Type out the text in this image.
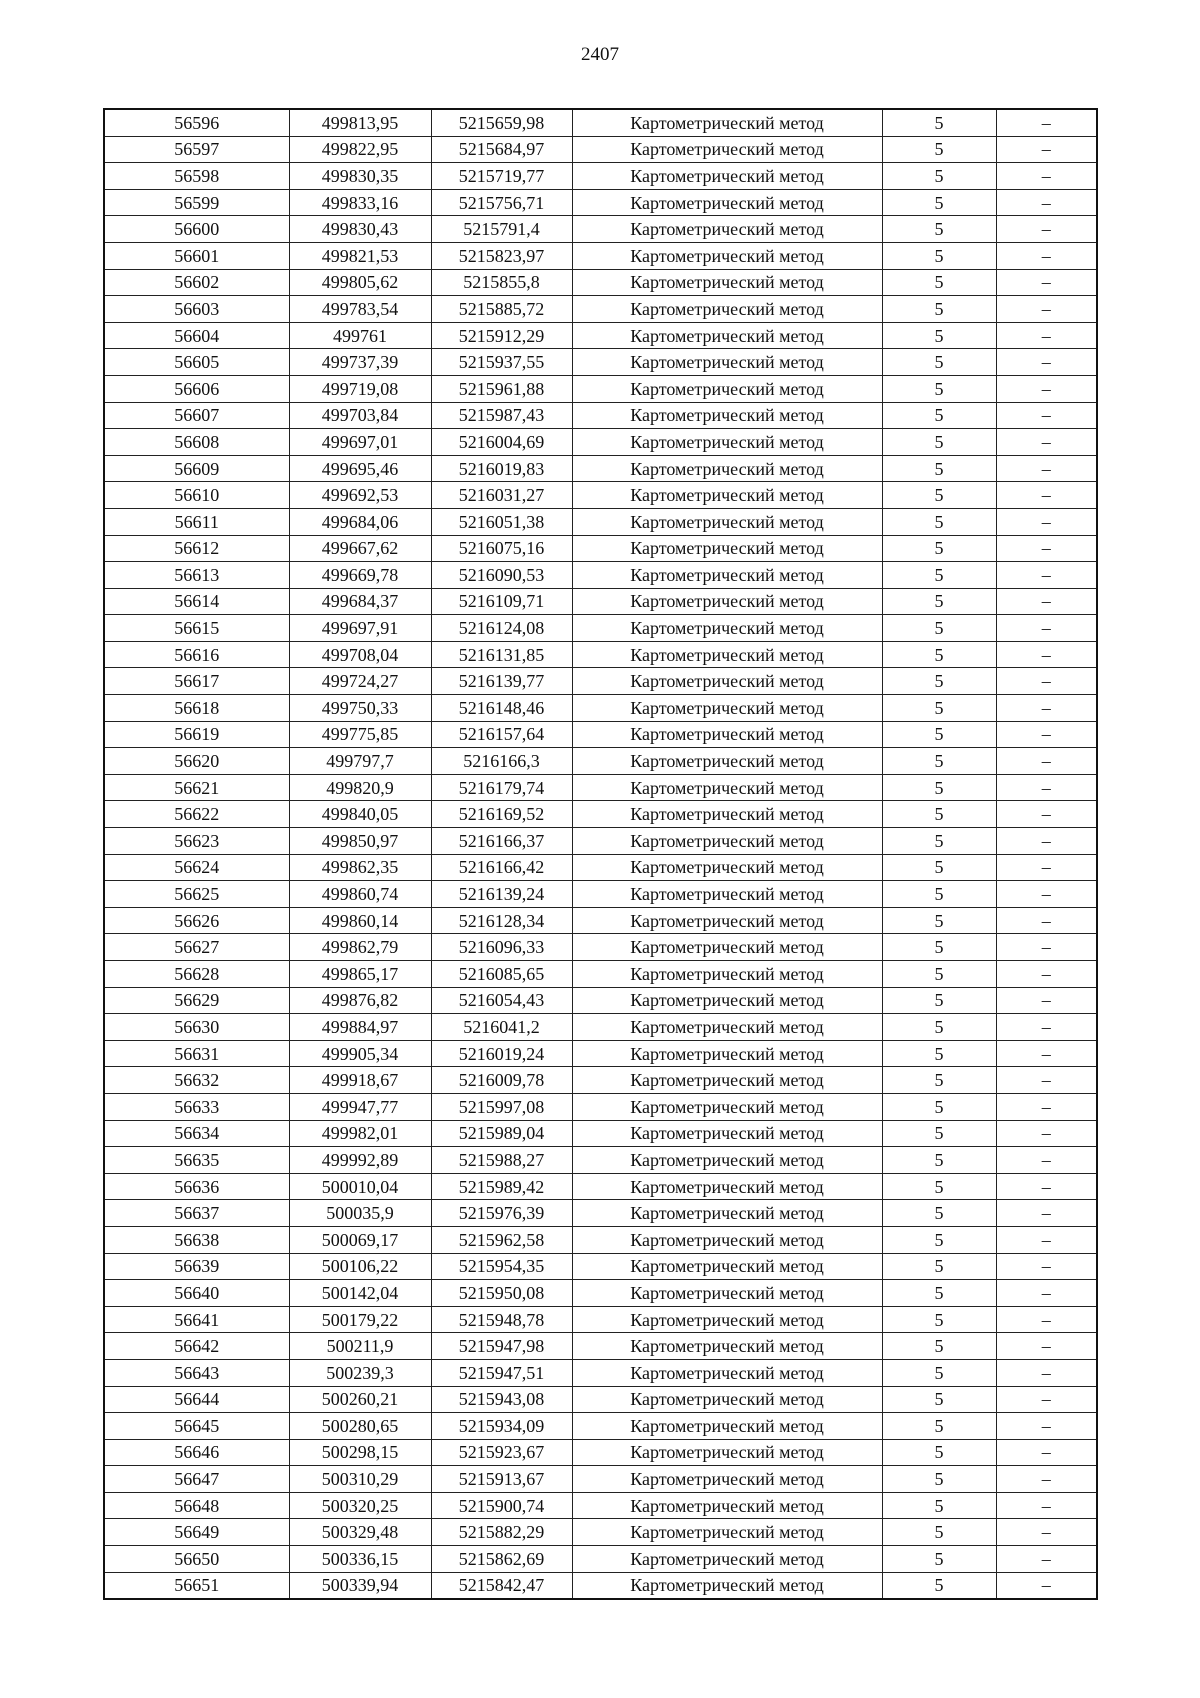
2407
56596	499813,95	5215659,98	Картометрический метод	5	–
56597	499822,95	5215684,97	Картометрический метод	5	–
56598	499830,35	5215719,77	Картометрический метод	5	–
56599	499833,16	5215756,71	Картометрический метод	5	–
56600	499830,43	5215791,4	Картометрический метод	5	–
56601	499821,53	5215823,97	Картометрический метод	5	–
56602	499805,62	5215855,8	Картометрический метод	5	–
56603	499783,54	5215885,72	Картометрический метод	5	–
56604	499761	5215912,29	Картометрический метод	5	–
56605	499737,39	5215937,55	Картометрический метод	5	–
56606	499719,08	5215961,88	Картометрический метод	5	–
56607	499703,84	5215987,43	Картометрический метод	5	–
56608	499697,01	5216004,69	Картометрический метод	5	–
56609	499695,46	5216019,83	Картометрический метод	5	–
56610	499692,53	5216031,27	Картометрический метод	5	–
56611	499684,06	5216051,38	Картометрический метод	5	–
56612	499667,62	5216075,16	Картометрический метод	5	–
56613	499669,78	5216090,53	Картометрический метод	5	–
56614	499684,37	5216109,71	Картометрический метод	5	–
56615	499697,91	5216124,08	Картометрический метод	5	–
56616	499708,04	5216131,85	Картометрический метод	5	–
56617	499724,27	5216139,77	Картометрический метод	5	–
56618	499750,33	5216148,46	Картометрический метод	5	–
56619	499775,85	5216157,64	Картометрический метод	5	–
56620	499797,7	5216166,3	Картометрический метод	5	–
56621	499820,9	5216179,74	Картометрический метод	5	–
56622	499840,05	5216169,52	Картометрический метод	5	–
56623	499850,97	5216166,37	Картометрический метод	5	–
56624	499862,35	5216166,42	Картометрический метод	5	–
56625	499860,74	5216139,24	Картометрический метод	5	–
56626	499860,14	5216128,34	Картометрический метод	5	–
56627	499862,79	5216096,33	Картометрический метод	5	–
56628	499865,17	5216085,65	Картометрический метод	5	–
56629	499876,82	5216054,43	Картометрический метод	5	–
56630	499884,97	5216041,2	Картометрический метод	5	–
56631	499905,34	5216019,24	Картометрический метод	5	–
56632	499918,67	5216009,78	Картометрический метод	5	–
56633	499947,77	5215997,08	Картометрический метод	5	–
56634	499982,01	5215989,04	Картометрический метод	5	–
56635	499992,89	5215988,27	Картометрический метод	5	–
56636	500010,04	5215989,42	Картометрический метод	5	–
56637	500035,9	5215976,39	Картометрический метод	5	–
56638	500069,17	5215962,58	Картометрический метод	5	–
56639	500106,22	5215954,35	Картометрический метод	5	–
56640	500142,04	5215950,08	Картометрический метод	5	–
56641	500179,22	5215948,78	Картометрический метод	5	–
56642	500211,9	5215947,98	Картометрический метод	5	–
56643	500239,3	5215947,51	Картометрический метод	5	–
56644	500260,21	5215943,08	Картометрический метод	5	–
56645	500280,65	5215934,09	Картометрический метод	5	–
56646	500298,15	5215923,67	Картометрический метод	5	–
56647	500310,29	5215913,67	Картометрический метод	5	–
56648	500320,25	5215900,74	Картометрический метод	5	–
56649	500329,48	5215882,29	Картометрический метод	5	–
56650	500336,15	5215862,69	Картометрический метод	5	–
56651	500339,94	5215842,47	Картометрический метод	5	–
